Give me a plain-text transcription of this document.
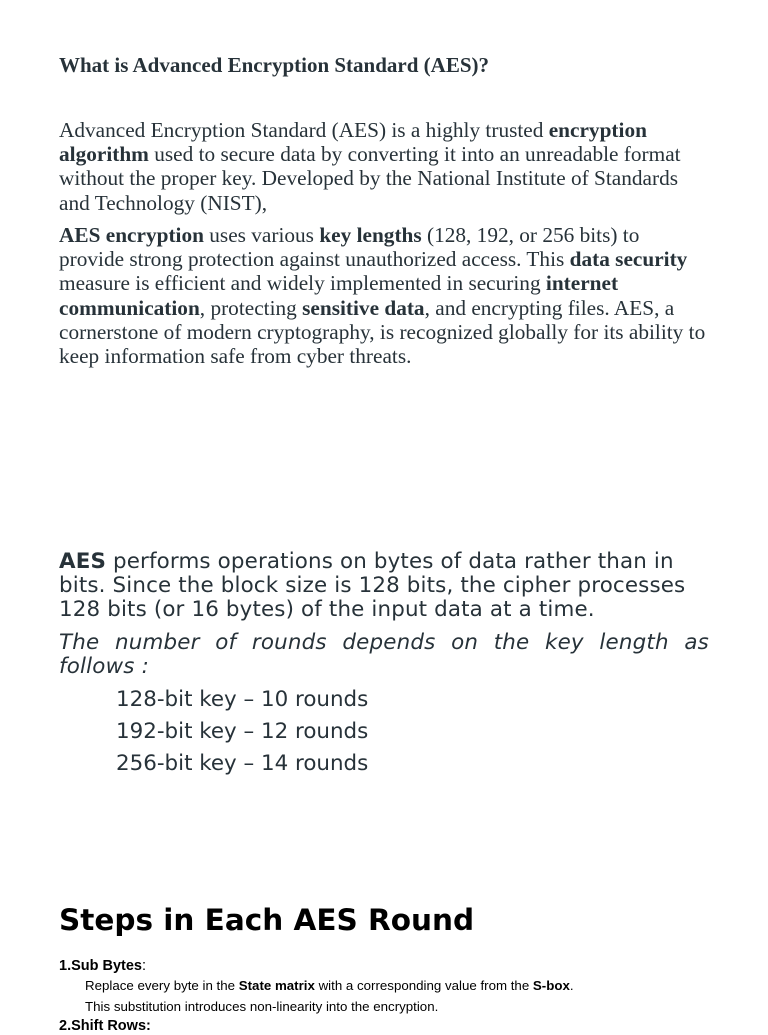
What is Advanced Encryption Standard (AES)?

Advanced Encryption Standard (AES) is a highly trusted encryption algorithm used to secure data by converting it into an unreadable format without the proper key. Developed by the National Institute of Standards and Technology (NIST),

AES encryption uses various key lengths (128, 192, or 256 bits) to provide strong protection against unauthorized access. This data security measure is efficient and widely implemented in securing internet communication, protecting sensitive data, and encrypting files. AES, a cornerstone of modern cryptography, is recognized globally for its ability to keep information safe from cyber threats.

AES performs operations on bytes of data rather than in bits. Since the block size is 128 bits, the cipher processes 128 bits (or 16 bytes) of the input data at a time.

The number of rounds depends on the key length as follows :

128-bit key – 10 rounds

192-bit key – 12 rounds

256-bit key – 14 rounds

Steps in Each AES Round

1.Sub Bytes:

Replace every byte in the State matrix with a corresponding value from the S-box.

This substitution introduces non-linearity into the encryption.

2.Shift Rows:
